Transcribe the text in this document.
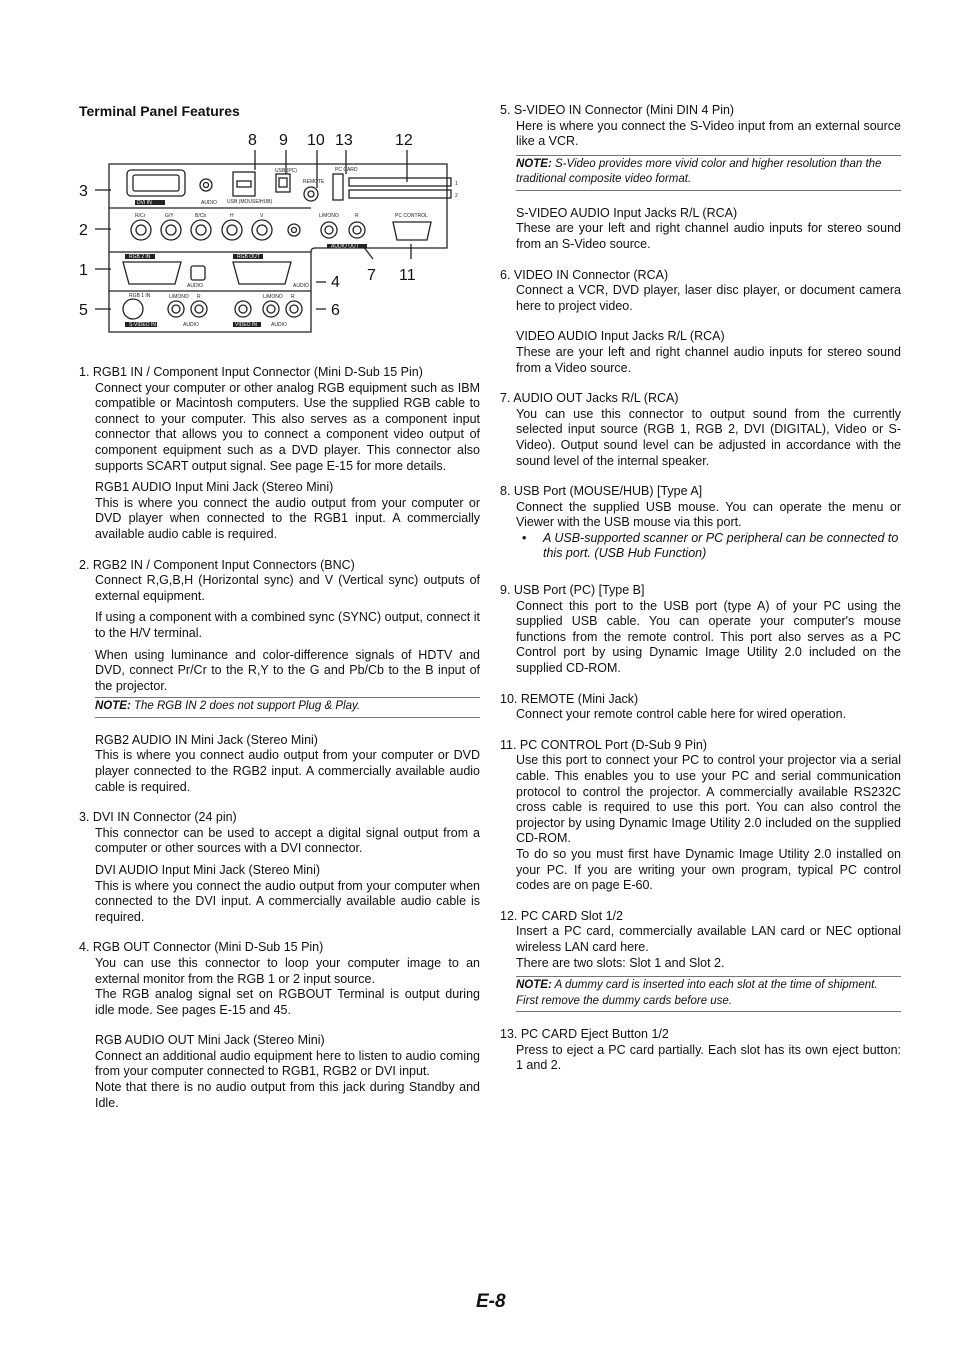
Terminal Panel Features
AUDIO
DVI IN	USB (MOUSE/HUB)
USB (PC)
REMOTE
PC CARD
1
2
R/Cr	G/Y	B/Cb	H	V	L/MONO	R	PC CONTROL
AUDIO OUT
RGB 2 IN	RGB OUT
AUDIO	AUDIO
RGB 1 IN	L/MONO R	L/MONO R
S-VIDEO IN	AUDIO	VIDEO IN	AUDIO
8 9 10 13	12
3
2
1
5
4 7 11
6

1. RGB1 IN / Component Input Connector (Mini D-Sub 15 Pin)

Connect your computer or other analog RGB equipment such as IBM compatible or Macintosh computers. Use the supplied RGB cable to connect to your computer. This also serves as a component input connector that allows you to connect a component video output of component equipment such as a DVD player. This connector also supports SCART output signal. See page E-15 for more details.

RGB1 AUDIO Input Mini Jack (Stereo Mini)

This is where you connect the audio output from your computer or DVD player when connected to the RGB1 input. A commercially available audio cable is required.

2. RGB2 IN / Component Input Connectors (BNC)

Connect R,G,B,H (Horizontal sync) and V (Vertical sync) outputs of external equipment.

If using a component with a combined sync (SYNC) output, connect it to the H/V terminal.

When using luminance and color-difference signals of HDTV and DVD, connect Pr/Cr to the R,Y to the G and Pb/Cb to the B input of the projector.

NOTE: The RGB IN 2 does not support Plug & Play.

RGB2 AUDIO IN Mini Jack (Stereo Mini)

This is where you connect audio output from your computer or DVD player connected to the RGB2 input. A commercially available audio cable is required.

3. DVI IN Connector (24 pin)

This connector can be used to accept a digital signal output from a computer or other sources with a DVI connector.

DVI AUDIO Input Mini Jack (Stereo Mini)

This is where you connect the audio output from your computer when connected to the DVI input. A commercially available audio cable is required.

4. RGB OUT Connector (Mini D-Sub 15 Pin)

You can use this connector to loop your computer image to an external monitor from the RGB 1 or 2 input source.

The RGB analog signal set on RGBOUT Terminal is output during idle mode. See pages E-15 and 45.

RGB AUDIO OUT Mini Jack (Stereo Mini)

Connect an additional audio equipment here to listen to audio coming from your computer connected to RGB1, RGB2 or DVI input.

Note that there is no audio output from this jack during Standby and Idle.

5. S-VIDEO IN Connector (Mini DIN 4 Pin)

Here is where you connect the S-Video input from an external source like a VCR.

NOTE: S-Video provides more vivid color and higher resolution than the traditional composite video format.

S-VIDEO AUDIO Input Jacks R/L (RCA)

These are your left and right channel audio inputs for stereo sound from an S-Video source.

6. VIDEO IN Connector (RCA)

Connect a VCR, DVD player, laser disc player, or document camera here to project video.

VIDEO AUDIO Input Jacks R/L (RCA)

These are your left and right channel audio inputs for stereo sound from a Video source.

7. AUDIO OUT Jacks R/L (RCA)

You can use this connector to output sound from the currently selected input source (RGB 1, RGB 2, DVI (DIGITAL), Video or S-Video). Output sound level can be adjusted in accordance with the sound level of the internal speaker.

8. USB Port (MOUSE/HUB) [Type A]

Connect the supplied USB mouse. You can operate the menu or Viewer with the USB mouse via this port.

• A USB-supported scanner or PC peripheral can be connected to this port. (USB Hub Function)

9. USB Port (PC) [Type B]

Connect this port to the USB port (type A) of your PC using the supplied USB cable. You can operate your computer's mouse functions from the remote control. This port also serves as a PC Control port by using Dynamic Image Utility 2.0 included on the supplied CD-ROM.

10. REMOTE (Mini Jack)

Connect your remote control cable here for wired operation.

11. PC CONTROL Port (D-Sub 9 Pin)

Use this port to connect your PC to control your projector via a serial cable. This enables you to use your PC and serial communication protocol to control the projector. A commercially available RS232C cross cable is required to use this port. You can also control the projector by using Dynamic Image Utility 2.0 included on the supplied CD-ROM.

To do so you must first have Dynamic Image Utility 2.0 installed on your PC. If you are writing your own program, typical PC control codes are on page E-60.

12. PC CARD Slot 1/2

Insert a PC card, commercially available LAN card or NEC optional wireless LAN card here.

There are two slots: Slot 1 and Slot 2.

NOTE: A dummy card is inserted into each slot at the time of shipment. First remove the dummy cards before use.

13. PC CARD Eject Button 1/2

Press to eject a PC card partially. Each slot has its own eject button: 1 and 2.

E-8
